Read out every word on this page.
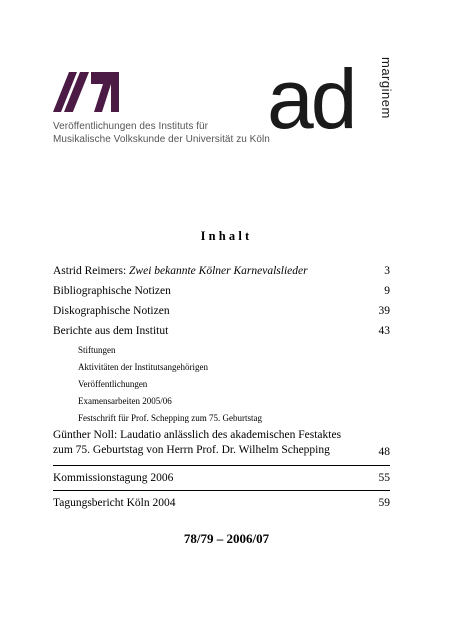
Veröffentlichungen des Instituts für
Musikalische Volkskunde der Universität zu Köln
ad marginem
Inhalt
Astrid Reimers: Zwei bekannte Kölner Karnevalslieder	3
Bibliographische Notizen	9
Diskographische Notizen	39
Berichte aus dem Institut	43
Stiftungen
Aktivitäten der Institutsangehörigen
Veröffentlichungen
Examensarbeiten 2005/06
Festschrift für Prof. Schepping zum 75. Geburtstag
Günther Noll: Laudatio anlässlich des akademischen Festaktes
zum 75. Geburtstag von Herrn Prof. Dr. Wilhelm Schepping	48
Kommissionstagung 2006	55
Tagungsbericht Köln 2004	59
78/79 – 2006/07
